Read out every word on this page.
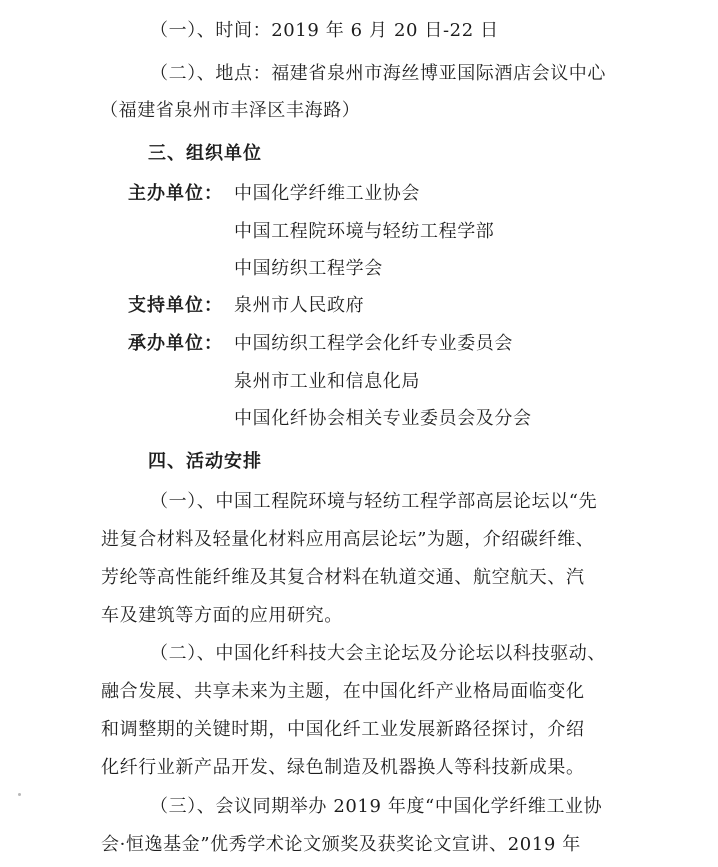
（一）、时间：2019 年 6 月 20 日-22 日
（二）、地点：福建省泉州市海丝博亚国际酒店会议中心
（福建省泉州市丰泽区丰海路）
三、组织单位
主办单位： 中国化学纤维工业协会
中国工程院环境与轻纺工程学部
中国纺织工程学会
支持单位： 泉州市人民政府
承办单位： 中国纺织工程学会化纤专业委员会
泉州市工业和信息化局
中国化纤协会相关专业委员会及分会
四、活动安排
（一）、中国工程院环境与轻纺工程学部高层论坛以“先
进复合材料及轻量化材料应用高层论坛”为题，介绍碳纤维、
芳纶等高性能纤维及其复合材料在轨道交通、航空航天、汽
车及建筑等方面的应用研究。
（二）、中国化纤科技大会主论坛及分论坛以科技驱动、
融合发展、共享未来为主题，在中国化纤产业格局面临变化
和调整期的关键时期，中国化纤工业发展新路径探讨，介绍
化纤行业新产品开发、绿色制造及机器换人等科技新成果。
（三）、会议同期举办 2019 年度“中国化学纤维工业协
会·恒逸基金”优秀学术论文颁奖及获奖论文宣讲、2019 年
